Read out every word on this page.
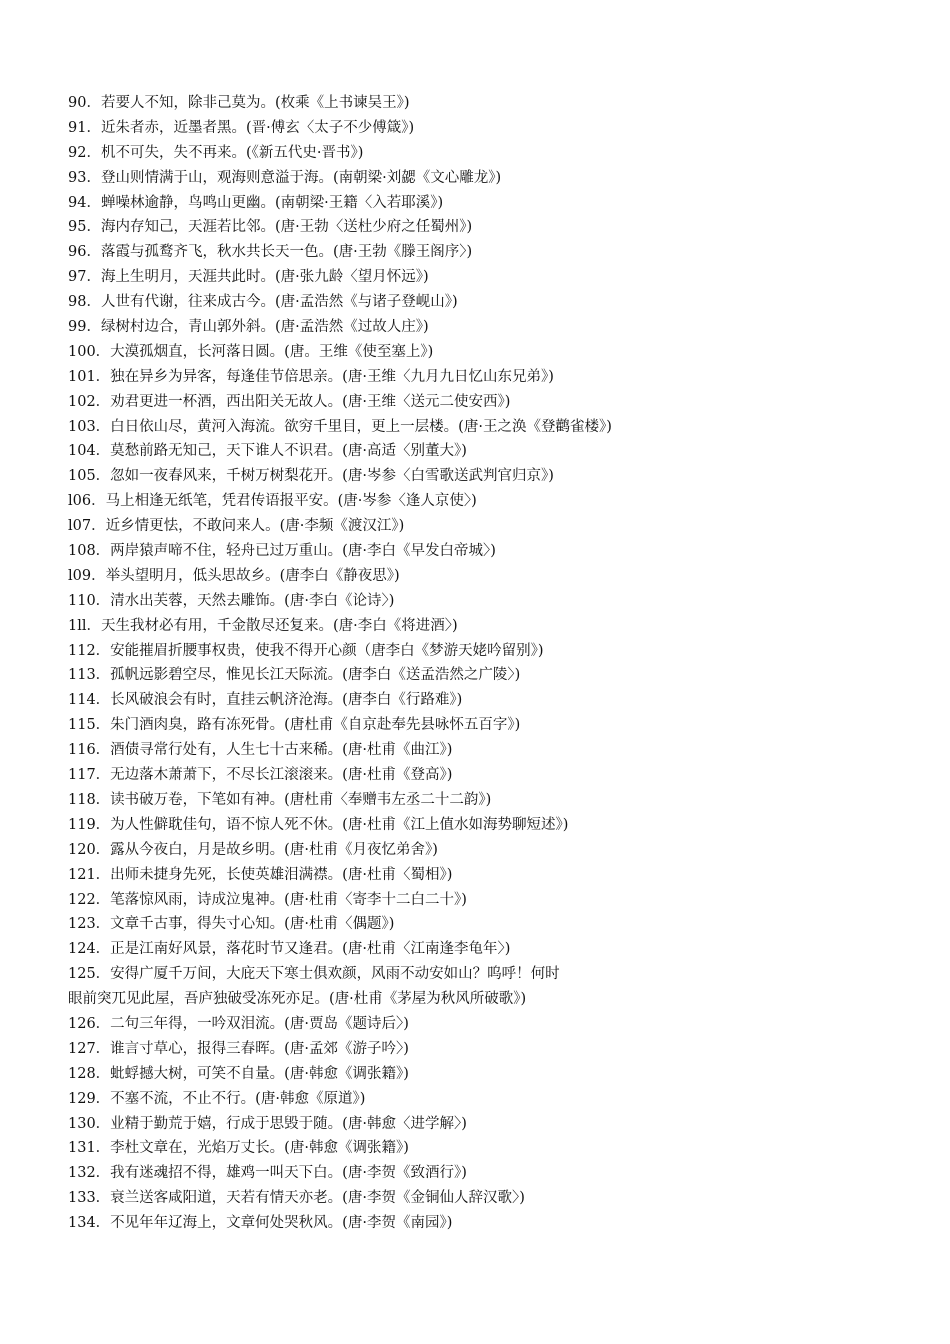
90．若要人不知，除非己莫为。(枚乘《上书谏吴王》)
91．近朱者赤，近墨者黑。(晋·傅玄〈太子不少傅箴》)
92．机不可失，失不再来。(《新五代史·晋书》)
93．登山则情满于山，观海则意溢于海。(南朝梁·刘勰《文心雕龙》)
94．蝉噪林逾静，鸟鸣山更幽。(南朝梁·王籍〈入若耶溪》)
95．海内存知己，天涯若比邻。(唐·王勃〈送杜少府之任蜀州》)
96．落霞与孤鹜齐飞，秋水共长天一色。(唐·王勃《滕王阁序〉)
97．海上生明月，天涯共此时。(唐·张九龄〈望月怀远》)
98．人世有代谢，往来成古今。(唐·孟浩然《与诸子登岘山》)
99．绿树村边合，青山郭外斜。(唐·孟浩然《过故人庄》)
100．大漠孤烟直，长河落日圆。(唐。王维《使至塞上》)
101．独在异乡为异客，每逢佳节倍思亲。(唐·王维〈九月九日忆山东兄弟》)
102．劝君更进一杯酒，西出阳关无故人。(唐·王维〈送元二使安西》)
103．白日依山尽，黄河入海流。欲穷千里目，更上一层楼。(唐·王之涣《登鹳雀楼》)
104．莫愁前路无知己，天下谁人不识君。(唐·高适〈别董大》)
105．忽如一夜春风来，千树万树梨花开。(唐·岑参〈白雪歌送武判官归京》)
l06．马上相逢无纸笔，凭君传语报平安。(唐·岑参〈逢人京使〉)
l07．近乡情更怯，不敢问来人。(唐·李频《渡汉江》)
108．两岸猿声啼不住，轻舟已过万重山。(唐·李白《早发白帝城〉)
l09．举头望明月，低头思故乡。(唐李白《静夜思》)
110．清水出芙蓉，天然去雕饰。(唐·李白《论诗〉)
1ll．天生我材必有用，千金散尽还复来。(唐·李白《将进酒〉)
112．安能摧眉折腰事权贵，使我不得开心颜（唐李白《梦游天姥吟留别》)
113．孤帆远影碧空尽，惟见长江天际流。(唐李白《送孟浩然之广陵〉)
114．长风破浪会有时，直挂云帆济沧海。(唐李白《行路难》)
115．朱门酒肉臭，路有冻死骨。(唐杜甫《自京赴奉先县咏怀五百字》)
116．酒债寻常行处有，人生七十古来稀。(唐·杜甫《曲江》)
117．无边落木萧萧下，不尽长江滚滚来。(唐·杜甫《登高》)
118．读书破万卷，下笔如有神。(唐杜甫〈奉赠韦左丞二十二韵》)
119．为人性僻耽佳句，语不惊人死不休。(唐·杜甫《江上值水如海势聊短述》)
120．露从今夜白，月是故乡明。(唐·杜甫《月夜忆弟舍》)
121．出师未捷身先死，长使英雄泪满襟。(唐·杜甫〈蜀相》)
122．笔落惊风雨，诗成泣鬼神。(唐·杜甫〈寄李十二白二十》)
123．文章千古事，得失寸心知。(唐·杜甫〈偶题》)
124．正是江南好风景，落花时节又逢君。(唐·杜甫〈江南逢李龟年〉)
125．安得广厦千万间，大庇天下寒士俱欢颜，风雨不动安如山？呜呼！何时
眼前突兀见此屋，吾庐独破受冻死亦足。(唐·杜甫《茅屋为秋风所破歌》)
126．二句三年得，一吟双泪流。(唐·贾岛《题诗后〉)
127．谁言寸草心，报得三春晖。(唐·孟郊《游子吟〉)
128．蚍蜉撼大树，可笑不自量。(唐·韩愈《调张籍》)
129．不塞不流，不止不行。(唐·韩愈《原道》)
130．业精于勤荒于嬉，行成于思毁于随。(唐·韩愈〈进学解〉)
131．李杜文章在，光焰万丈长。(唐·韩愈《调张籍》)
132．我有迷魂招不得，雄鸡一叫天下白。(唐·李贺《致酒行》)
133．衰兰送客咸阳道，天若有情天亦老。(唐·李贺《金铜仙人辞汉歌〉)
134．不见年年辽海上，文章何处哭秋风。(唐·李贺《南园》)
